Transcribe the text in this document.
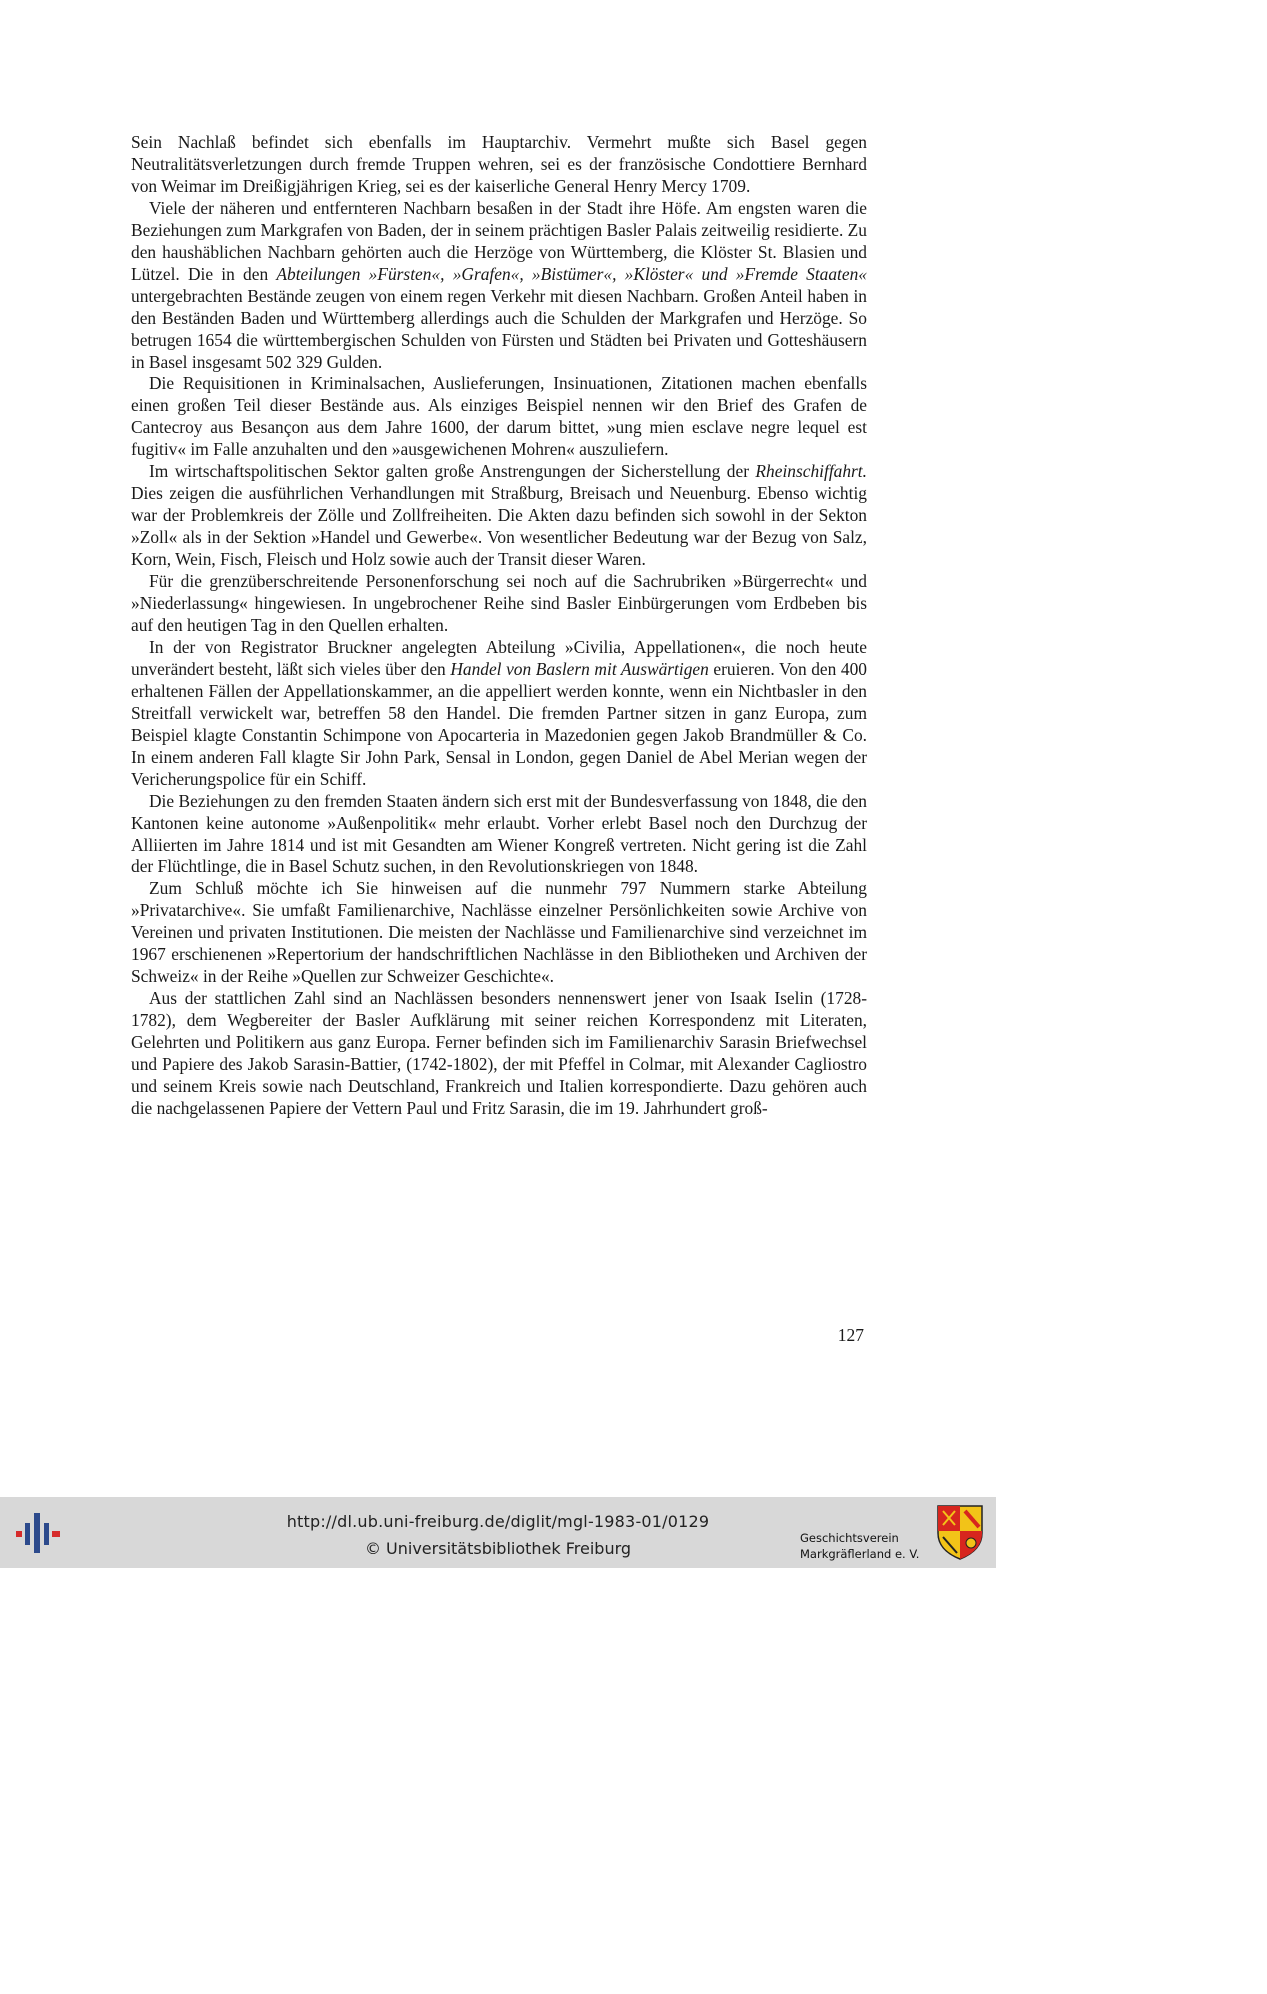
Sein Nachlaß befindet sich ebenfalls im Hauptarchiv. Vermehrt mußte sich Basel gegen Neutralitätsverletzungen durch fremde Truppen wehren, sei es der französische Condottiere Bernhard von Weimar im Dreißigjährigen Krieg, sei es der kaiserliche General Henry Mercy 1709.

Viele der näheren und entfernteren Nachbarn besaßen in der Stadt ihre Höfe. Am engsten waren die Beziehungen zum Markgrafen von Baden, der in seinem prächtigen Basler Palais zeitweilig residierte. Zu den haushäblichen Nachbarn gehörten auch die Herzöge von Württemberg, die Klöster St. Blasien und Lützel. Die in den Abteilungen »Fürsten«, »Grafen«, »Bistümer«, »Klöster« und »Fremde Staaten« untergebrachten Bestände zeugen von einem regen Verkehr mit diesen Nachbarn. Großen Anteil haben in den Beständen Baden und Württemberg allerdings auch die Schulden der Markgrafen und Herzöge. So betrugen 1654 die württembergischen Schulden von Fürsten und Städten bei Privaten und Gotteshäusern in Basel insgesamt 502 329 Gulden.

Die Requisitionen in Kriminalsachen, Auslieferungen, Insinuationen, Zitationen machen ebenfalls einen großen Teil dieser Bestände aus. Als einziges Beispiel nennen wir den Brief des Grafen de Cantecroy aus Besançon aus dem Jahre 1600, der darum bittet, »ung mien esclave negre lequel est fugitiv« im Falle anzuhalten und den »ausgewichenen Mohren« auszuliefern.

Im wirtschaftspolitischen Sektor galten große Anstrengungen der Sicherstellung der Rheinschiffahrt. Dies zeigen die ausführlichen Verhandlungen mit Straßburg, Breisach und Neuenburg. Ebenso wichtig war der Problemkreis der Zölle und Zollfreiheiten. Die Akten dazu befinden sich sowohl in der Sekton »Zoll« als in der Sektion »Handel und Gewerbe«. Von wesentlicher Bedeutung war der Bezug von Salz, Korn, Wein, Fisch, Fleisch und Holz sowie auch der Transit dieser Waren.

Für die grenzüberschreitende Personenforschung sei noch auf die Sachrubriken »Bürgerrecht« und »Niederlassung« hingewiesen. In ungebrochener Reihe sind Basler Einbürgerungen vom Erdbeben bis auf den heutigen Tag in den Quellen erhalten.

In der von Registrator Bruckner angelegten Abteilung »Civilia, Appellationen«, die noch heute unverändert besteht, läßt sich vieles über den Handel von Baslern mit Auswärtigen eruieren. Von den 400 erhaltenen Fällen der Appellationskammer, an die appelliert werden konnte, wenn ein Nichtbasler in den Streitfall verwickelt war, betreffen 58 den Handel. Die fremden Partner sitzen in ganz Europa, zum Beispiel klagte Constantin Schimpone von Apocarteria in Mazedonien gegen Jakob Brandmüller & Co. In einem anderen Fall klagte Sir John Park, Sensal in London, gegen Daniel de Abel Merian wegen der Vericherungspolice für ein Schiff.

Die Beziehungen zu den fremden Staaten ändern sich erst mit der Bundesverfassung von 1848, die den Kantonen keine autonome »Außenpolitik« mehr erlaubt. Vorher erlebt Basel noch den Durchzug der Alliierten im Jahre 1814 und ist mit Gesandten am Wiener Kongreß vertreten. Nicht gering ist die Zahl der Flüchtlinge, die in Basel Schutz suchen, in den Revolutionskriegen von 1848.

Zum Schluß möchte ich Sie hinweisen auf die nunmehr 797 Nummern starke Abteilung »Privatarchive«. Sie umfaßt Familienarchive, Nachlässe einzelner Persönlichkeiten sowie Archive von Vereinen und privaten Institutionen. Die meisten der Nachlässe und Familienarchive sind verzeichnet im 1967 erschienenen »Repertorium der handschriftlichen Nachlässe in den Bibliotheken und Archiven der Schweiz« in der Reihe »Quellen zur Schweizer Geschichte«.

Aus der stattlichen Zahl sind an Nachlässen besonders nennenswert jener von Isaak Iselin (1728-1782), dem Wegbereiter der Basler Aufklärung mit seiner reichen Korrespondenz mit Literaten, Gelehrten und Politikern aus ganz Europa. Ferner befinden sich im Familienarchiv Sarasin Briefwechsel und Papiere des Jakob Sarasin-Battier, (1742-1802), der mit Pfeffel in Colmar, mit Alexander Cagliostro und seinem Kreis sowie nach Deutschland, Frankreich und Italien korrespondierte. Dazu gehören auch die nachgelassenen Papiere der Vettern Paul und Fritz Sarasin, die im 19. Jahrhundert groß-

127
http://dl.ub.uni-freiburg.de/diglit/mgl-1983-01/0129
© Universitätsbibliothek Freiburg
Geschichtsverein
Markgräflerland e. V.
